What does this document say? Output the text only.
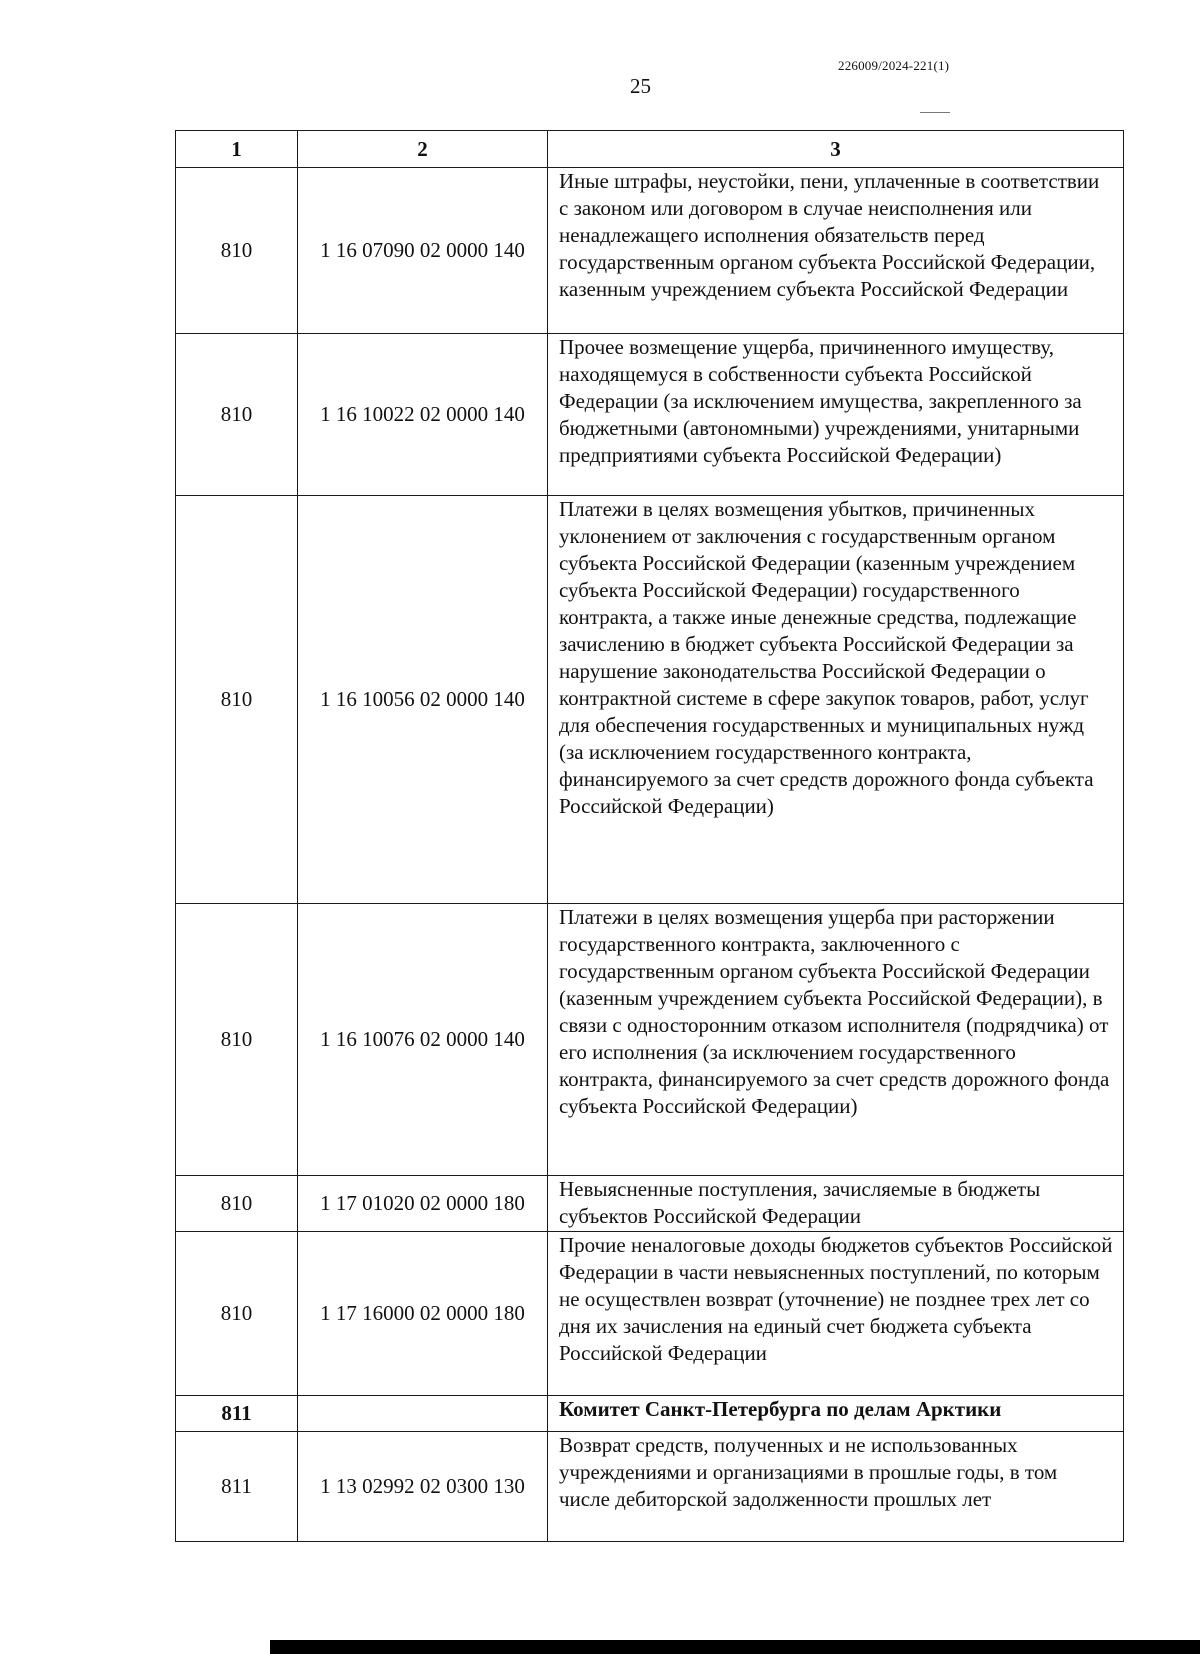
226009/2024-221(1)
25
1	2	3
810	1 16 07090 02 0000 140	Иные штрафы, неустойки, пени, уплаченные в соответствии с законом или договором в случае неисполнения или ненадлежащего исполнения обязательств перед государственным органом субъекта Российской Федерации, казенным учреждением субъекта Российской Федерации
810	1 16 10022 02 0000 140	Прочее возмещение ущерба, причиненного имуществу, находящемуся в собственности субъекта Российской Федерации (за исключением имущества, закрепленного за бюджетными (автономными) учреждениями, унитарными предприятиями субъекта Российской Федерации)
810	1 16 10056 02 0000 140	Платежи в целях возмещения убытков, причиненных уклонением от заключения с государственным органом субъекта Российской Федерации (казенным учреждением субъекта Российской Федерации) государственного контракта, а также иные денежные средства, подлежащие зачислению в бюджет субъекта Российской Федерации за нарушение законодательства Российской Федерации о контрактной системе в сфере закупок товаров, работ, услуг для обеспечения государственных и муниципальных нужд (за исключением государственного контракта, финансируемого за счет средств дорожного фонда субъекта Российской Федерации)
810	1 16 10076 02 0000 140	Платежи в целях возмещения ущерба при расторжении государственного контракта, заключенного с государственным органом субъекта Российской Федерации (казенным учреждением субъекта Российской Федерации), в связи с односторонним отказом исполнителя (подрядчика) от его исполнения (за исключением государственного контракта, финансируемого за счет средств дорожного фонда субъекта Российской Федерации)
810	1 17 01020 02 0000 180	Невыясненные поступления, зачисляемые в бюджеты субъектов Российской Федерации
810	1 17 16000 02 0000 180	Прочие неналоговые доходы бюджетов субъектов Российской Федерации в части невыясненных поступлений, по которым не осуществлен возврат (уточнение) не позднее трех лет со дня их зачисления на единый счет бюджета субъекта Российской Федерации
811		Комитет Санкт-Петербурга по делам Арктики
811	1 13 02992 02 0300 130	Возврат средств, полученных и не использованных учреждениями и организациями в прошлые годы, в том числе дебиторской задолженности прошлых лет
